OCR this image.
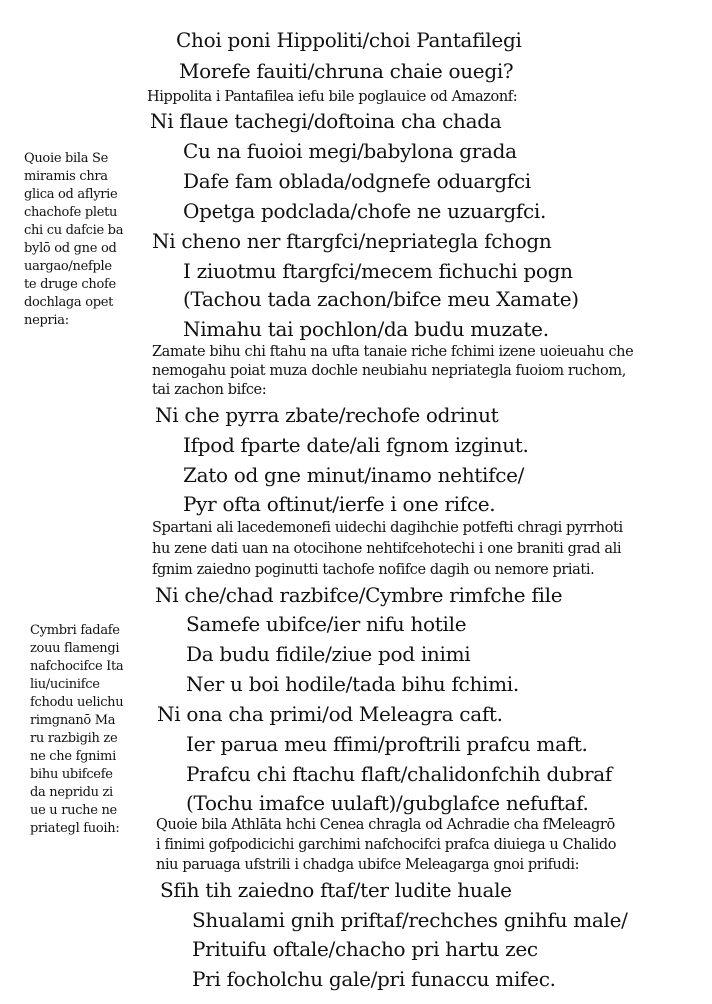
Choi poni Hippoliti/choi Pantafilegi
Morefe fauiti/chruna chaie ouegi?
Hippolita i Pantafilea iefu bile poglauice od Amazonf:
Ni flaue tachegi/doftoina cha chada
Cu na fuoioi megi/babylona grada
Dafe fam oblada/odgnefe oduargfci
Opetga podclada/chofe ne uzuargfci.
Ni cheno ner ftargfci/nepriategla fchogn
I ziuotmu ftargfci/mecem fichuchi pogn
(Tachou tada zachon/bifce meu Xamate)
Nimahu tai pochlon/da budu muzate.
Zamate bihu chi ftahu na ufta tanaie riche fchimi izene uoieuahu che
nemogahu poiat muza dochle neubiahu nepriategla fuoiom ruchom,
tai zachon bifce:
Ni che pyrra zbate/rechofe odrinut
Ifpod fparte date/ali fgnom izginut.
Zato od gne minut/inamo nehtifce/
Pyr ofta oftinut/ierfe i one rifce.
Spartani ali lacedemonefi uidechi dagihchie potfefti chragi pyrrhoti
hu zene dati uan na otocihone nehtifcehotechi i one braniti grad ali
fgnim zaiedno poginutti tachofe nofifce dagih ou nemore priati.
Ni che/chad razbifce/Cymbre rimfche file
Samefe ubifce/ier nifu hotile
Da budu fidile/ziue pod inimi
Ner u boi hodile/tada bihu fchimi.
Ni ona cha primi/od Meleagra caft.
Ier parua meu ffimi/proftrili prafcu maft.
Prafcu chi ftachu flaft/chalidonfchih dubraf
(Tochu imafce uulaft)/gubglafce nefuftaf.
Quoie bila Athlāta hchi Cenea chragla od Achradie cha fMeleagrō
i finimi gofpodicichi garchimi nafchocifci prafca diuiega u Chalido
niu paruaga ufstrili i chadga ubifce Meleagarga gnoi prifudi:
Sfih tih zaiedno ftaf/ter ludite huale
Shualami gnih priftaf/rechches gnihfu male/
Prituifu oftale/chacho pri hartu zec
Pri focholchu gale/pri funaccu mifec.
Quoie bila Se
miramis chra
glica od aflyrie
chachofe pletu
chi cu dafcie ba
bylō od gne od
uargao/nefple
te druge chofe
dochlaga opet
nepria:
Cymbri fadafe
zouu flamengi
nafchocifce Ita
liu/ucinifce
fchodu uelichu
rimgnanō Ma
ru razbigih ze
ne che fgnimi
bihu ubifcefe
da nepridu zi
ue u ruche ne
priategl fuoih:
